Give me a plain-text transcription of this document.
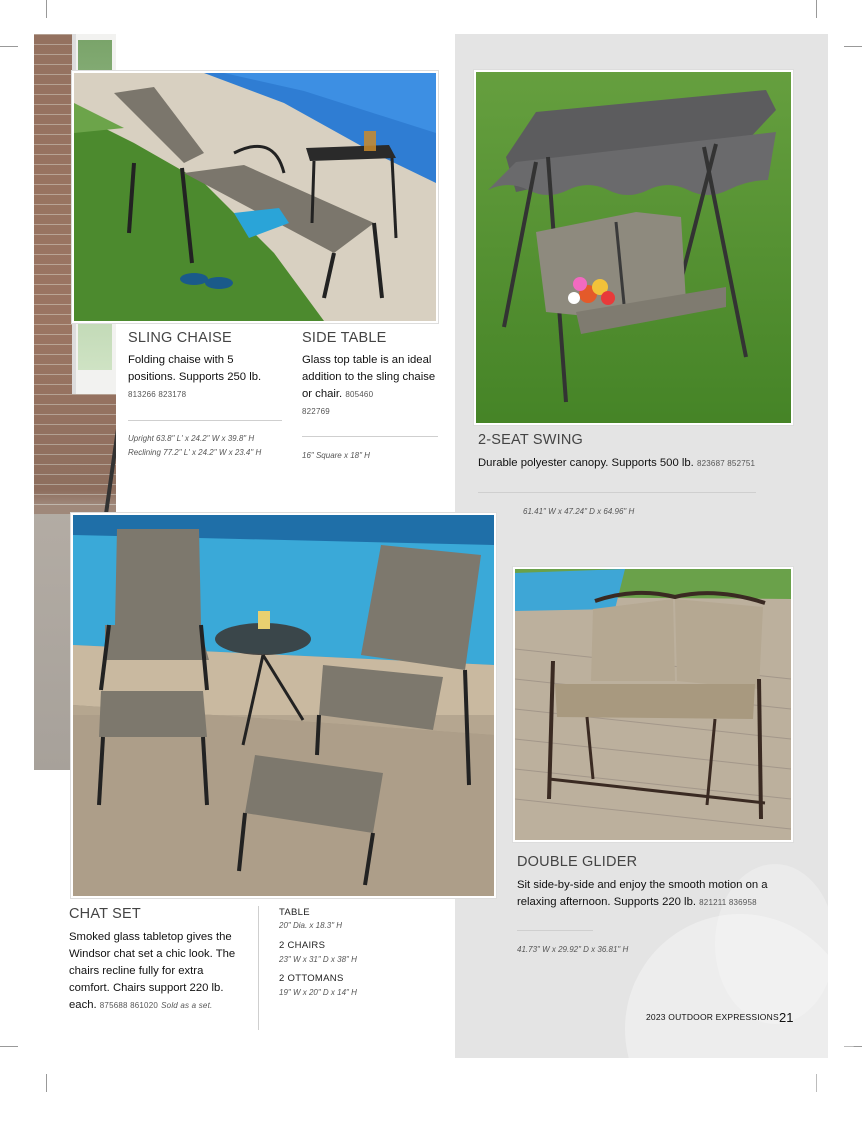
SLING CHAISE
Folding chaise with 5 positions. Supports 250 lb.
813266 823178
Upright 63.8" L' x 24.2" W x 39.8" H
Reclining 77.2" L' x 24.2" W x 23.4" H
SIDE TABLE
Glass top table is an ideal addition to the sling chaise or chair. 805460
822769
16" Square x 18" H
2-SEAT SWING
Durable polyester canopy. Supports 500 lb. 823687 852751
61.41" W x 47.24" D x 64.96" H
CHAT SET
Smoked glass tabletop gives the Windsor chat set a chic look. The chairs recline fully for extra comfort. Chairs support 220 lb. each. 875688 861020 Sold as a set.
TABLE
20" Dia. x 18.3" H
2 CHAIRS
23" W x 31" D x 38" H
2 OTTOMANS
19" W x 20" D x 14" H
DOUBLE GLIDER
Sit side-by-side and enjoy the smooth motion on a relaxing afternoon. Supports 220 lb. 821211 836958
41.73" W x 29.92" D x 36.81" H
2023 OUTDOOR EXPRESSIONS 21
